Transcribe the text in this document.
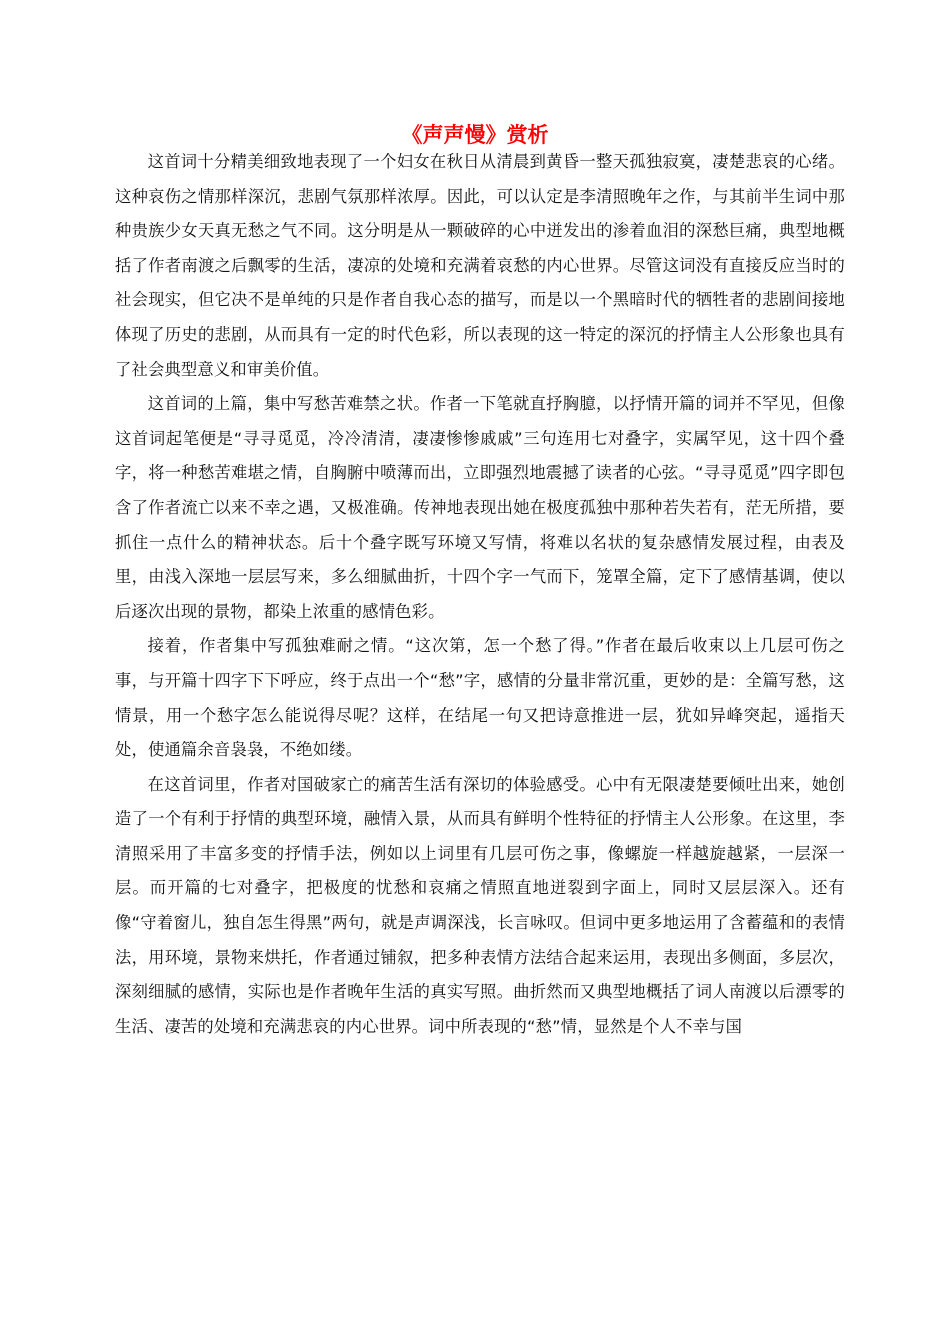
《声声慢》赏析

这首词十分精美细致地表现了一个妇女在秋日从清晨到黄昏一整天孤独寂寞，凄楚悲哀的心绪。这种哀伤之情那样深沉，悲剧气氛那样浓厚。因此，可以认定是李清照晚年之作，与其前半生词中那种贵族少女天真无愁之气不同。这分明是从一颗破碎的心中迸发出的渗着血泪的深愁巨痛，典型地概括了作者南渡之后飘零的生活，凄凉的处境和充满着哀愁的内心世界。尽管这词没有直接反应当时的社会现实，但它决不是单纯的只是作者自我心态的描写，而是以一个黑暗时代的牺牲者的悲剧间接地体现了历史的悲剧，从而具有一定的时代色彩，所以表现的这一特定的深沉的抒情主人公形象也具有了社会典型意义和审美价值。

这首词的上篇，集中写愁苦难禁之状。作者一下笔就直抒胸臆，以抒情开篇的词并不罕见，但像这首词起笔便是“寻寻觅觅，冷冷清清，凄凄惨惨戚戚”三句连用七对叠字，实属罕见，这十四个叠字，将一种愁苦难堪之情，自胸腑中喷薄而出，立即强烈地震撼了读者的心弦。“寻寻觅觅”四字即包含了作者流亡以来不幸之遇，又极准确。传神地表现出她在极度孤独中那种若失若有，茫无所措，要抓住一点什么的精神状态。后十个叠字既写环境又写情，将难以名状的复杂感情发展过程，由表及里，由浅入深地一层层写来，多么细腻曲折，十四个字一气而下，笼罩全篇，定下了感情基调，使以后逐次出现的景物，都染上浓重的感情色彩。

接着，作者集中写孤独难耐之情。“这次第，怎一个愁了得。”作者在最后收束以上几层可伤之事，与开篇十四字下下呼应，终于点出一个“愁”字，感情的分量非常沉重，更妙的是：全篇写愁，这情景，用一个愁字怎么能说得尽呢？这样，在结尾一句又把诗意推进一层，犹如异峰突起，遥指天处，使通篇余音袅袅，不绝如缕。

在这首词里，作者对国破家亡的痛苦生活有深切的体验感受。心中有无限凄楚要倾吐出来，她创造了一个有利于抒情的典型环境，融情入景，从而具有鲜明个性特征的抒情主人公形象。在这里，李清照采用了丰富多变的抒情手法，例如以上词里有几层可伤之事，像螺旋一样越旋越紧，一层深一层。而开篇的七对叠字，把极度的忧愁和哀痛之情照直地迸裂到字面上，同时又层层深入。还有像“守着窗儿，独自怎生得黑”两句，就是声调深浅，长言咏叹。但词中更多地运用了含蓄蕴和的表情法，用环境，景物来烘托，作者通过铺叙，把多种表情方法结合起来运用，表现出多侧面，多层次，深刻细腻的感情，实际也是作者晚年生活的真实写照。曲折然而又典型地概括了词人南渡以后漂零的生活、凄苦的处境和充满悲哀的内心世界。词中所表现的“愁”情，显然是个人不幸与国
